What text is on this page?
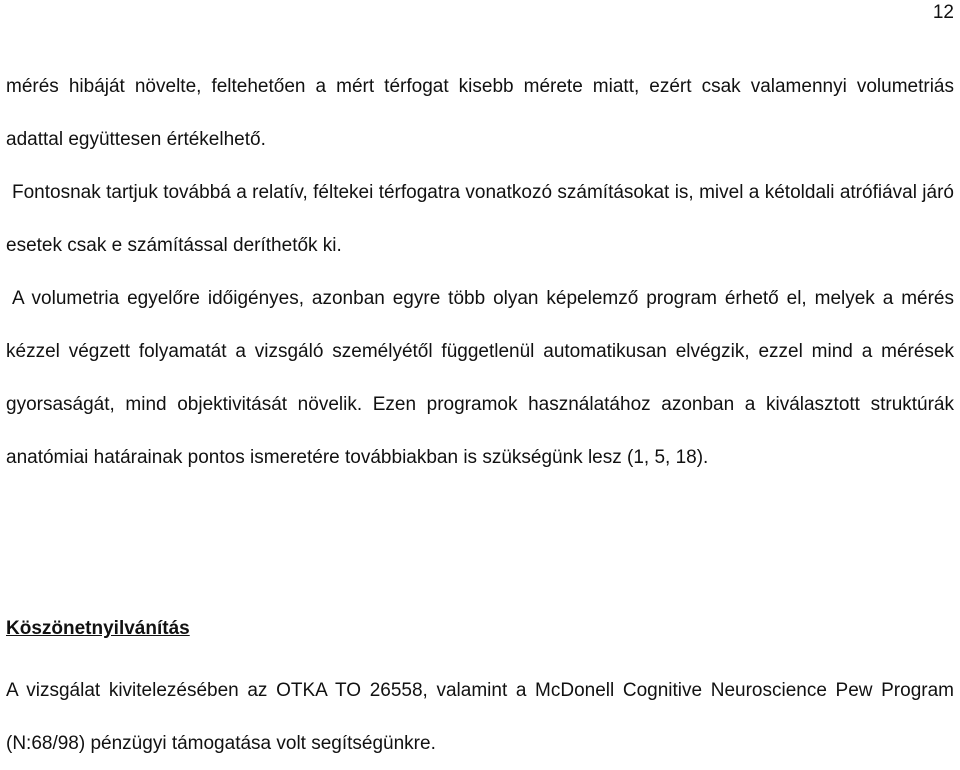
12

mérés hibáját növelte, feltehetően a mért térfogat kisebb mérete miatt, ezért csak valamennyi volumetriás adattal együttesen értékelhető.

Fontosnak tartjuk továbbá a relatív, féltekei térfogatra vonatkozó számításokat is, mivel a kétoldali atrófiával járó esetek csak e számítással deríthetők ki.

A volumetria egyelőre időigényes, azonban egyre több olyan képelemző program érhető el, melyek a mérés kézzel végzett folyamatát a vizsgáló személyétől függetlenül automatikusan elvégzik, ezzel mind a mérések gyorsaságát, mind objektivitását növelik. Ezen programok használatához azonban a kiválasztott struktúrák anatómiai határainak pontos ismeretére továbbiakban is szükségünk lesz (1, 5, 18).

Köszönetnyilvánítás

A vizsgálat kivitelezésében az OTKA TO 26558, valamint a McDonell Cognitive Neuroscience Pew Program (N:68/98) pénzügyi támogatása volt segítségünkre.
